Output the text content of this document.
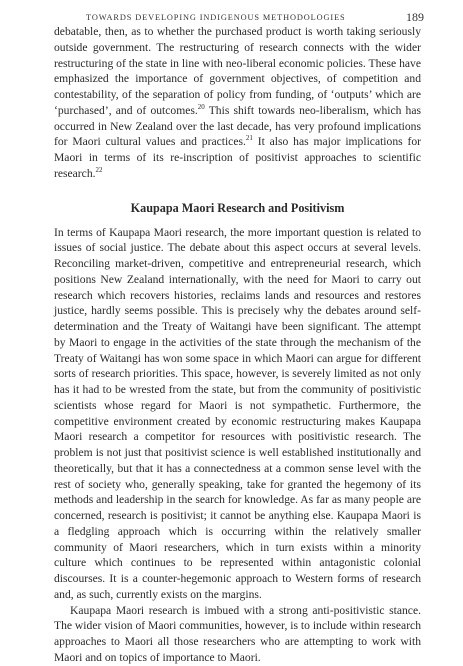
TOWARDS DEVELOPING INDIGENOUS METHODOLOGIES	189

debatable, then, as to whether the purchased product is worth taking seriously outside government. The restructuring of research connects with the wider restructuring of the state in line with neo-liberal economic policies. These have emphasized the importance of government objectives, of competition and contestability, of the separation of policy from funding, of ‘outputs’ which are ‘purchased’, and of outcomes.$^{20}$ This shift towards neo-liberalism, which has occurred in New Zealand over the last decade, has very profound implications for Maori cultural values and practices.$^{21}$ It also has major implications for Maori in terms of its re-inscription of positivist approaches to scientific research.$^{22}$

Kaupapa Maori Research and Positivism

In terms of Kaupapa Maori research, the more important question is related to issues of social justice. The debate about this aspect occurs at several levels. Reconciling market-driven, competitive and entrepreneurial research, which positions New Zealand internationally, with the need for Maori to carry out research which recovers histories, reclaims lands and resources and restores justice, hardly seems possible. This is precisely why the debates around self-determination and the Treaty of Waitangi have been significant. The attempt by Maori to engage in the activities of the state through the mechanism of the Treaty of Waitangi has won some space in which Maori can argue for different sorts of research priorities. This space, however, is severely limited as not only has it had to be wrested from the state, but from the community of positivistic scientists whose regard for Maori is not sympathetic. Furthermore, the competitive environment created by economic restructuring makes Kaupapa Maori research a competitor for resources with positivistic research. The problem is not just that positivist science is well established institutionally and theoretically, but that it has a connectedness at a common sense level with the rest of society who, generally speaking, take for granted the hegemony of its methods and leadership in the search for knowledge. As far as many people are concerned, research is positivist; it cannot be anything else. Kaupapa Maori is a fledgling approach which is occurring within the relatively smaller community of Maori researchers, which in turn exists within a minority culture which continues to be represented within antagonistic colonial discourses. It is a counter-hegemonic approach to Western forms of research and, as such, currently exists on the margins.

Kaupapa Maori research is imbued with a strong anti-positivistic stance. The wider vision of Maori communities, however, is to include within research approaches to Maori all those researchers who are attempting to work with Maori and on topics of importance to Maori.
